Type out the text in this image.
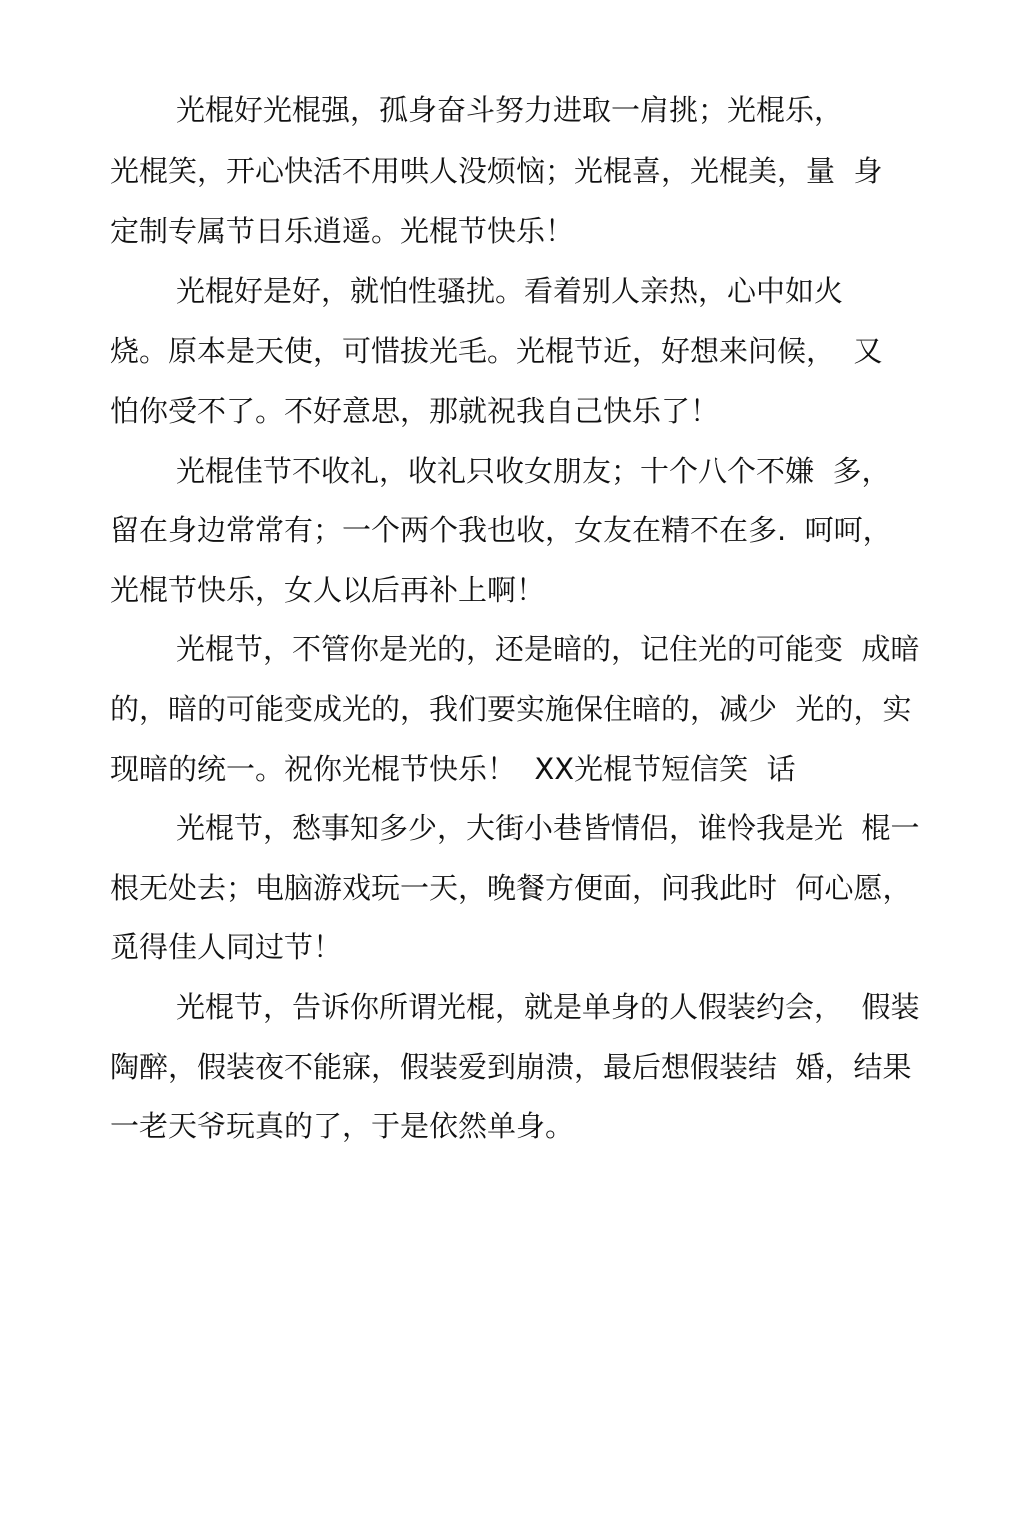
光棍好光棍强，孤身奋斗努力进取一肩挑；光棍乐，

光棍笑，开心快活不用哄人没烦恼；光棍喜，光棍美，量  身

定制专属节日乐逍遥。光棍节快乐！

光棍好是好，就怕性骚扰。看着别人亲热，心中如火

烧。原本是天使，可惜拔光毛。光棍节近，好想来问候，  又

怕你受不了。不好意思，那就祝我自己快乐了！

光棍佳节不收礼，收礼只收女朋友；十个八个不嫌  多，

留在身边常常有；一个两个我也收，女友在精不在多.  呵呵，

光棍节快乐，女人以后再补上啊！

光棍节，不管你是光的，还是暗的，记住光的可能变  成暗

的，暗的可能变成光的，我们要实施保住暗的，减少  光的，实

现暗的统一。祝你光棍节快乐！  XX光棍节短信笑  话

光棍节，愁事知多少，大街小巷皆情侣，谁怜我是光  棍一

根无处去；电脑游戏玩一天，晚餐方便面，问我此时  何心愿，

觅得佳人同过节！

光棍节，告诉你所谓光棍，就是单身的人假装约会，  假装

陶醉，假装夜不能寐，假装爱到崩溃，最后想假装结  婚，结果

一老天爷玩真的了，于是依然单身。
